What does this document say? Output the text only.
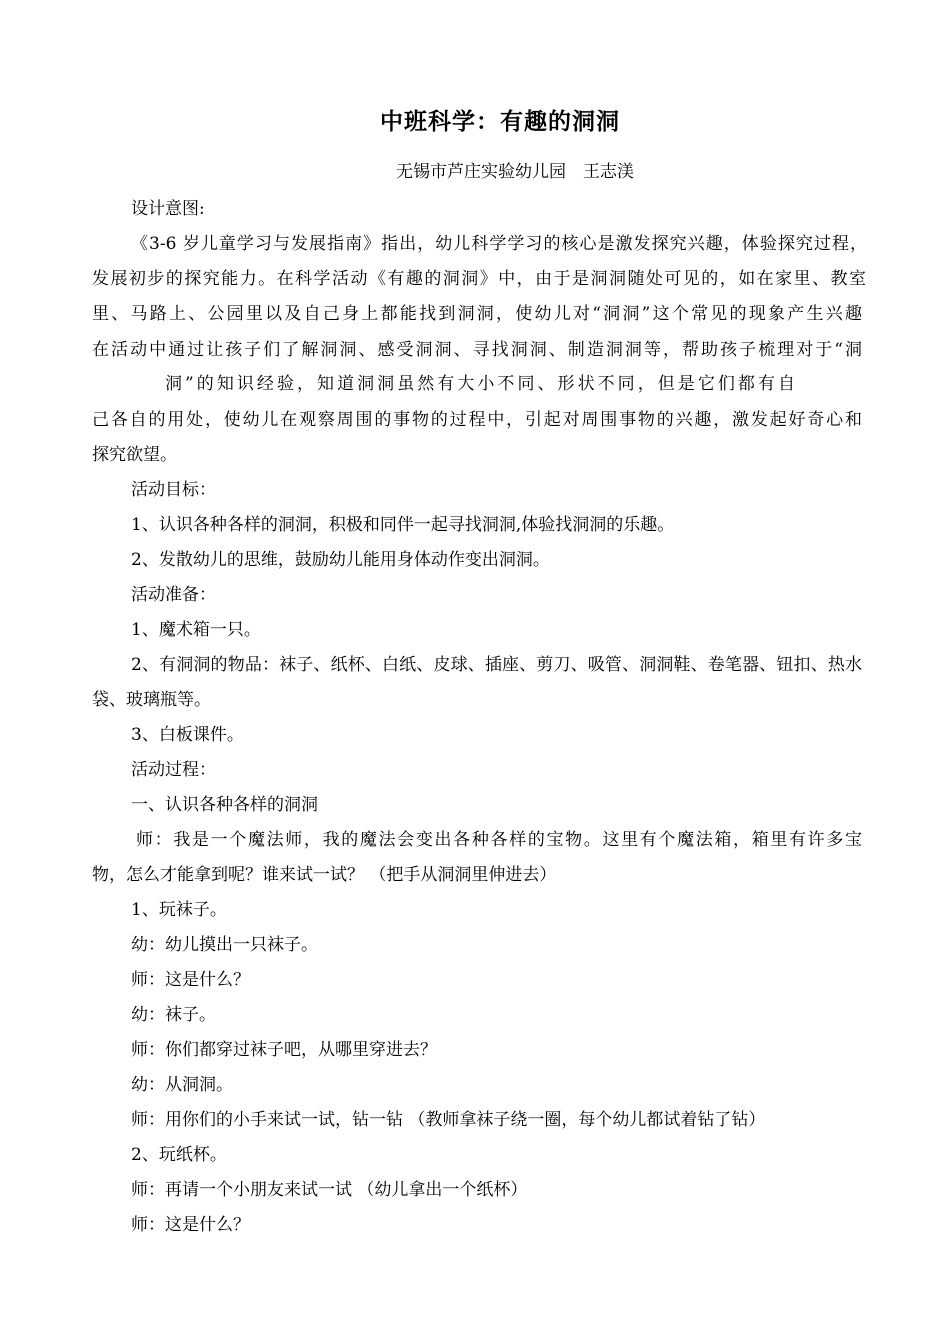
中班科学：有趣的洞洞
无锡市芦庄实验幼儿园　王志渼
设计意图:
《3-6 岁儿童学习与发展指南》指出，幼儿科学学习的核心是激发探究兴趣，体验探究过程，
发展初步的探究能力。在科学活动《有趣的洞洞》中，由于是洞洞随处可见的，如在家里、教室
里、马路上、公园里以及自己身上都能找到洞洞，使幼儿对“洞洞”这个常见的现象产生兴趣
在活动中通过让孩子们了解洞洞、感受洞洞、寻找洞洞、制造洞洞等，帮助孩子梳理对于“洞
洞”的知识经验，知道洞洞虽然有大小不同、形状不同，但是它们都有自
己各自的用处，使幼儿在观察周围的事物的过程中，引起对周围事物的兴趣，激发起好奇心和
探究欲望。
活动目标：
1、认识各种各样的洞洞，积极和同伴一起寻找洞洞,体验找洞洞的乐趣。
2、发散幼儿的思维，鼓励幼儿能用身体动作变出洞洞。
活动准备：
1、魔术箱一只。
2、有洞洞的物品：袜子、纸杯、白纸、皮球、插座、剪刀、吸管、洞洞鞋、卷笔器、钮扣、热水
袋、玻璃瓶等。
3、白板课件。
活动过程：
一、认识各种各样的洞洞
师：我是一个魔法师，我的魔法会变出各种各样的宝物。这里有个魔法箱，箱里有许多宝
物，怎么才能拿到呢？谁来试一试？ （把手从洞洞里伸进去）
1、玩袜子。
幼：幼儿摸出一只袜子。
师：这是什么？
幼：袜子。
师：你们都穿过袜子吧，从哪里穿进去？
幼：从洞洞。
师：用你们的小手来试一试，钻一钻 （教师拿袜子绕一圈，每个幼儿都试着钻了钻）
2、玩纸杯。
师：再请一个小朋友来试一试 （幼儿拿出一个纸杯）
师：这是什么？
